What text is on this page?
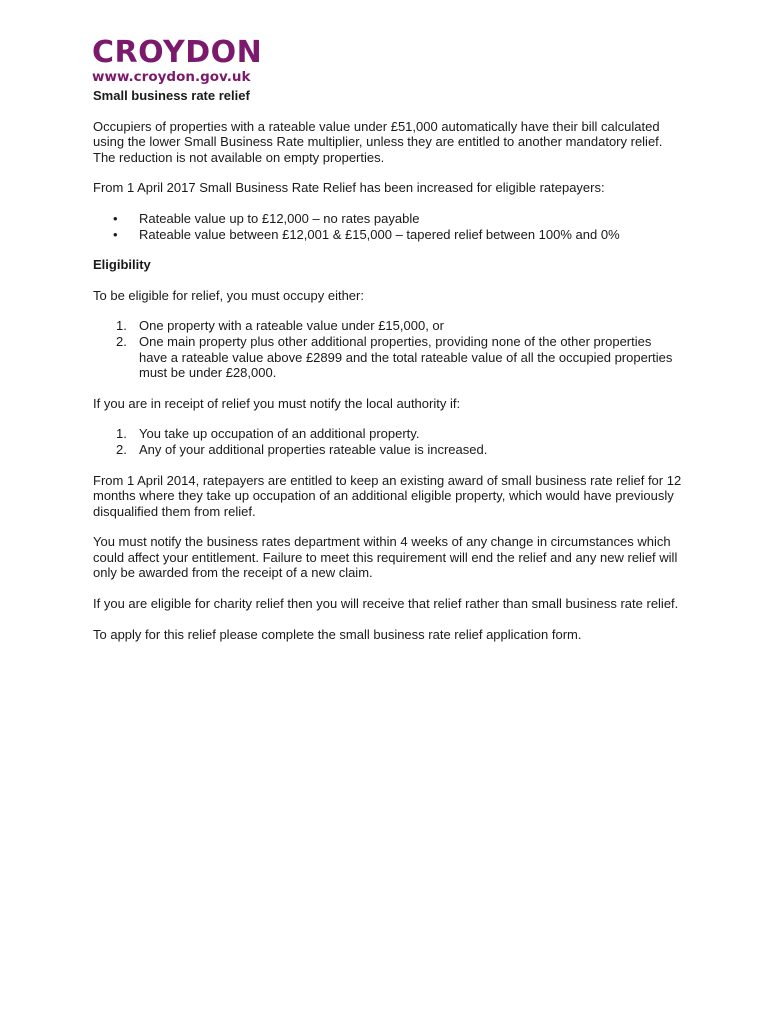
CROYDON
www.croydon.gov.uk

Small business rate relief

Occupiers of properties with a rateable value under £51,000 automatically have their bill calculated using the lower Small Business Rate multiplier, unless they are entitled to another mandatory relief. The reduction is not available on empty properties.

From 1 April 2017 Small Business Rate Relief has been increased for eligible ratepayers:

• Rateable value up to £12,000 – no rates payable
• Rateable value between £12,001 & £15,000 – tapered relief between 100% and 0%

Eligibility

To be eligible for relief, you must occupy either:

1. One property with a rateable value under £15,000, or
2. One main property plus other additional properties, providing none of the other properties have a rateable value above £2899 and the total rateable value of all the occupied properties must be under £28,000.

If you are in receipt of relief you must notify the local authority if:

1. You take up occupation of an additional property.
2. Any of your additional properties rateable value is increased.

From 1 April 2014, ratepayers are entitled to keep an existing award of small business rate relief for 12 months where they take up occupation of an additional eligible property, which would have previously disqualified them from relief.

You must notify the business rates department within 4 weeks of any change in circumstances which could affect your entitlement. Failure to meet this requirement will end the relief and any new relief will only be awarded from the receipt of a new claim.

If you are eligible for charity relief then you will receive that relief rather than small business rate relief.

To apply for this relief please complete the small business rate relief application form.
